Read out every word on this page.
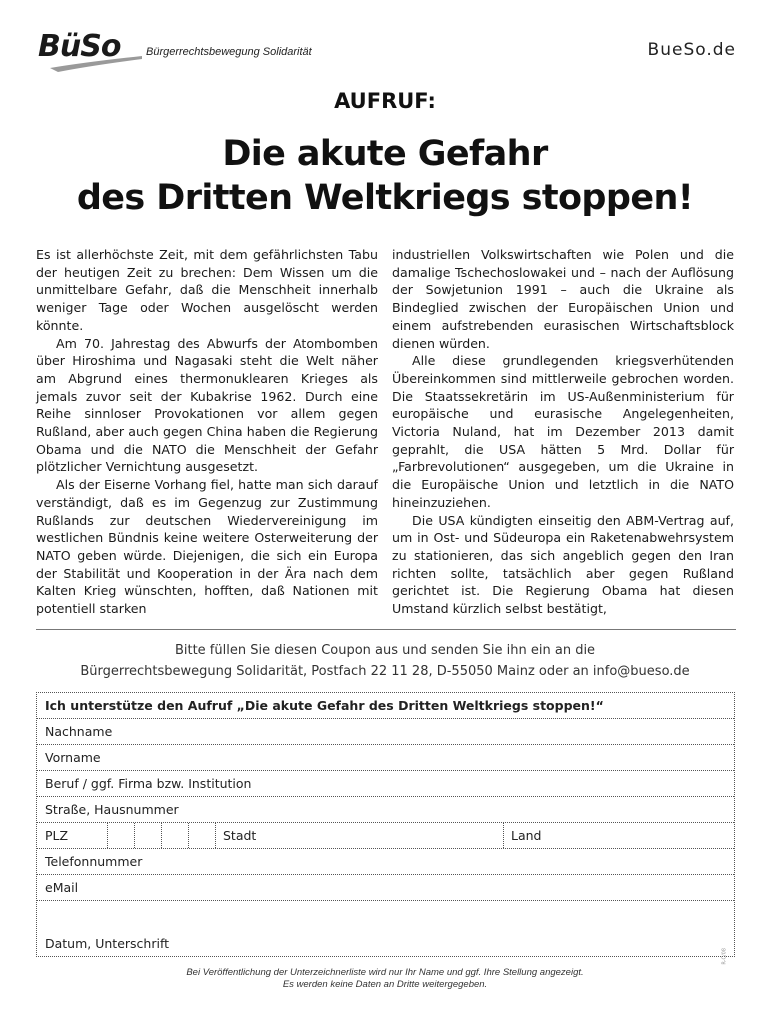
BüSo Bürgerrechtsbewegung Solidarität	BueSo.de
AUFRUF:
Die akute Gefahr
des Dritten Weltkriegs stoppen!

Es ist allerhöchste Zeit, mit dem gefährlichsten Tabu der heutigen Zeit zu brechen: Dem Wissen um die unmittelbare Gefahr, daß die Menschheit innerhalb weniger Tage oder Wochen ausgelöscht werden könnte.

Am 70. Jahrestag des Abwurfs der Atombomben über Hiroshima und Nagasaki steht die Welt näher am Abgrund eines thermonuklearen Krieges als jemals zuvor seit der Kubakrise 1962. Durch eine Reihe sinnloser Provokationen vor allem gegen Rußland, aber auch gegen China haben die Regierung Obama und die NATO die Menschheit der Gefahr plötzlicher Vernichtung ausgesetzt.

Als der Eiserne Vorhang fiel, hatte man sich darauf verständigt, daß es im Gegenzug zur Zustimmung Rußlands zur deutschen Wiedervereinigung im westlichen Bündnis keine weitere Osterweiterung der NATO geben würde. Diejenigen, die sich ein Europa der Stabilität und Kooperation in der Ära nach dem Kalten Krieg wünschten, hofften, daß Nationen mit potentiell starken

industriellen Volkswirtschaften wie Polen und die damalige Tschechoslowakei und – nach der Auflösung der Sowjetunion 1991 – auch die Ukraine als Bindeglied zwischen der Europäischen Union und einem aufstrebenden eurasischen Wirtschaftsblock dienen würden.

Alle diese grundlegenden kriegsverhütenden Übereinkommen sind mittlerweile gebrochen worden. Die Staatssekretärin im US-Außenministerium für europäische und eurasische Angelegenheiten, Victoria Nuland, hat im Dezember 2013 damit geprahlt, die USA hätten 5 Mrd. Dollar für „Farbrevolutionen“ ausgegeben, um die Ukraine in die Europäische Union und letztlich in die NATO hineinzuziehen.

Die USA kündigten einseitig den ABM-Vertrag auf, um in Ost- und Südeuropa ein Raketenabwehrsystem zu stationieren, das sich angeblich gegen den Iran richten sollte, tatsächlich aber gegen Rußland gerichtet ist. Die Regierung Obama hat diesen Umstand kürzlich selbst bestätigt,

Bitte füllen Sie diesen Coupon aus und senden Sie ihn ein an die
Bürgerrechtsbewegung Solidarität, Postfach 22 11 28, D-55050 Mainz oder an info@bueso.de
Ich unterstütze den Aufruf „Die akute Gefahr des Dritten Weltkriegs stoppen!“
Nachname
Vorname
Beruf / ggf. Firma bzw. Institution
Straße, Hausnummer
PLZ	Stadt	Land
Telefonnummer
eMail
Datum, Unterschrift
R-C/08
Bei Veröffentlichung der Unterzeichnerliste wird nur Ihr Name und ggf. Ihre Stellung angezeigt.
Es werden keine Daten an Dritte weitergegeben.
